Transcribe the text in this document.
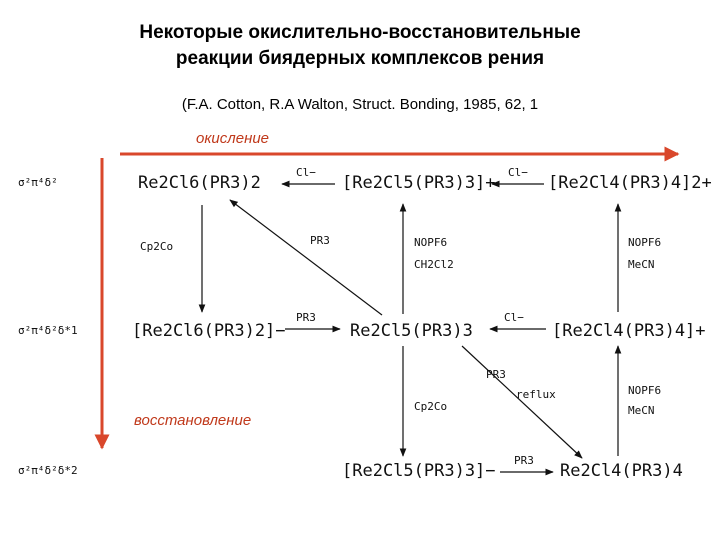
Некоторые окислительно-восстановительные
реакции биядерных комплексов рения
(F.A. Cotton, R.A Walton, Struct. Bonding, 1985, 62, 1
окисление
восстановление
σ²π⁴δ²
σ²π⁴δ²δ*1
σ²π⁴δ²δ*2
Re2Cl6(PR3)2	[Re2Cl5(PR3)3]+	[Re2Cl4(PR3)4]2+
[Re2Cl6(PR3)2]−	Re2Cl5(PR3)3	[Re2Cl4(PR3)4]+
[Re2Cl5(PR3)3]−	Re2Cl4(PR3)4
Cl−	Cl−
PR3	Cl−
PR3
Cp2Co	NOPF6
CH2Cl2
NOPF6
MeCN
Cp2Co
NOPF6
MeCN
PR3
PR3
reflux
